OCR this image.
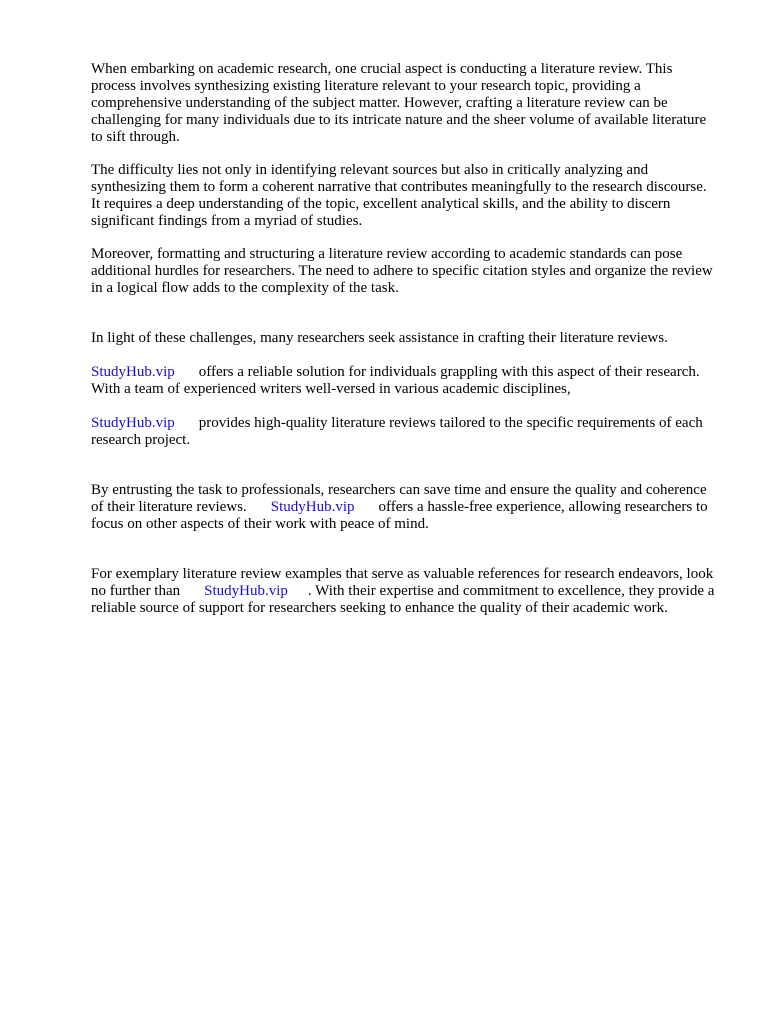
When embarking on academic research, one crucial aspect is conducting a literature review. This process involves synthesizing existing literature relevant to your research topic, providing a comprehensive understanding of the subject matter. However, crafting a literature review can be challenging for many individuals due to its intricate nature and the sheer volume of available literature to sift through.

The difficulty lies not only in identifying relevant sources but also in critically analyzing and synthesizing them to form a coherent narrative that contributes meaningfully to the research discourse. It requires a deep understanding of the topic, excellent analytical skills, and the ability to discern significant findings from a myriad of studies.

Moreover, formatting and structuring a literature review according to academic standards can pose additional hurdles for researchers. The need to adhere to specific citation styles and organize the review in a logical flow adds to the complexity of the task.

In light of these challenges, many researchers seek assistance in crafting their literature reviews.

StudyHub.vip offers a reliable solution for individuals grappling with this aspect of their research. With a team of experienced writers well-versed in various academic disciplines,

StudyHub.vip provides high-quality literature reviews tailored to the specific requirements of each research project.

By entrusting the task to professionals, researchers can save time and ensure the quality and coherence of their literature reviews. StudyHub.vip offers a hassle-free experience, allowing researchers to focus on other aspects of their work with peace of mind.

For exemplary literature review examples that serve as valuable references for research endeavors, look no further than StudyHub.vip . With their expertise and commitment to excellence, they provide a reliable source of support for researchers seeking to enhance the quality of their academic work.
